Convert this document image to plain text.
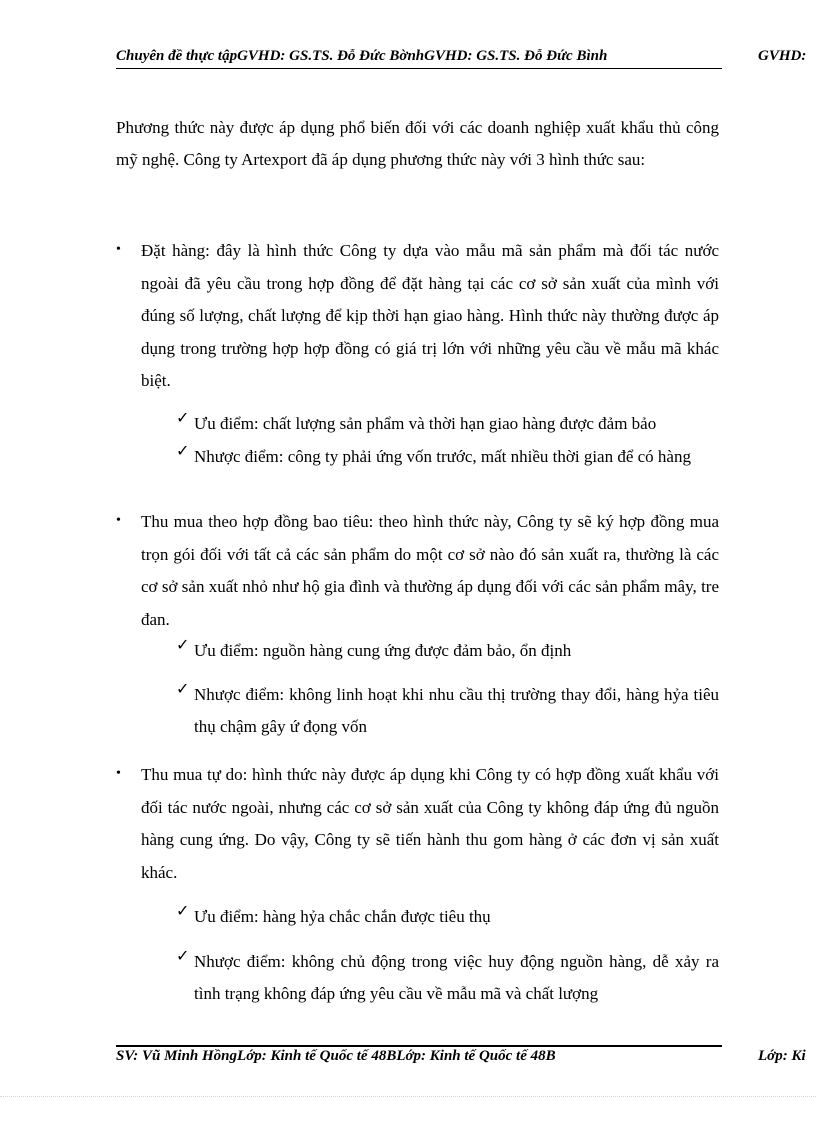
Chuyên đề thực tậpGVHD: GS.TS. Đỗ Đức BờnhGVHD: GS.TS. Đỗ Đức Bình	GVHD:
Phương thức này được áp dụng phổ biến đối với các doanh nghiệp xuất khẩu thủ công mỹ nghệ. Công ty Artexport đã áp dụng phương thức này với 3 hình thức sau:
• Đặt hàng: đây là hình thức Công ty dựa vào mẫu mã sản phẩm mà đối tác nước ngoài đã yêu cầu trong hợp đồng để đặt hàng tại các cơ sở sản xuất của mình với đúng số lượng, chất lượng để kịp thời hạn giao hàng. Hình thức này thường được áp dụng trong trường hợp hợp đồng có giá trị lớn với những yêu cầu về mẫu mã khác biệt.
✓ Ưu điểm: chất lượng sản phẩm và thời hạn giao hàng được đảm bảo
✓ Nhược điểm: công ty phải ứng vốn trước, mất nhiều thời gian để có hàng
• Thu mua theo hợp đồng bao tiêu: theo hình thức này, Công ty sẽ ký hợp đồng mua trọn gói đối với tất cả các sản phẩm do một cơ sở nào đó sản xuất ra, thường là các cơ sở sản xuất nhỏ như hộ gia đình và thường áp dụng đối với các sản phẩm mây, tre đan.
✓ Ưu điểm: nguồn hàng cung ứng được đảm bảo, ổn định
✓ Nhược điểm: không linh hoạt khi nhu cầu thị trường thay đổi, hàng hỷa tiêu thụ chậm gây ứ đọng vốn
• Thu mua tự do: hình thức này được áp dụng khi Công ty có hợp đồng xuất khẩu với đối tác nước ngoài, nhưng các cơ sở sản xuất của Công ty không đáp ứng đủ nguồn hàng cung ứng. Do vậy, Công ty sẽ tiến hành thu gom hàng ở các đơn vị sản xuất khác.
✓ Ưu điểm: hàng hỷa chắc chắn được tiêu thụ
✓ Nhược điểm: không chủ động trong việc huy động nguồn hàng, dễ xảy ra tình trạng không đáp ứng yêu cầu về mẫu mã và chất lượng
SV: Vũ Minh HồngLớp: Kinh tế Quốc tế 48BLớp: Kinh tế Quốc tế 48B	Lớp: Ki
